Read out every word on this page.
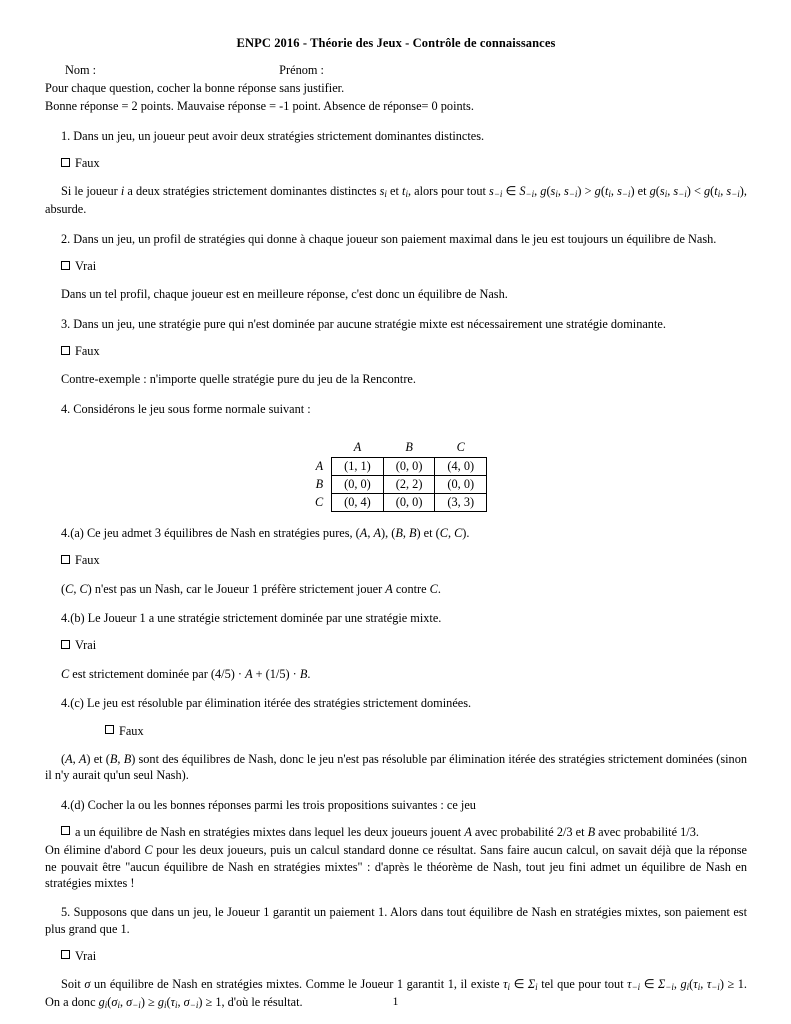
ENPC 2016 - Théorie des Jeux - Contrôle de connaissances
Nom :	Prénom :

Pour chaque question, cocher la bonne réponse sans justifier.

Bonne réponse = 2 points. Mauvaise réponse = -1 point. Absence de réponse= 0 points.

1. Dans un jeu, un joueur peut avoir deux stratégies strictement dominantes distinctes.

Faux

Si le joueur i a deux stratégies strictement dominantes distinctes si et ti, alors pour tout s−i ∈ S−i, g(si, s−i) > g(ti, s−i) et g(si, s−i) < g(ti, s−i), absurde.

2. Dans un jeu, un profil de stratégies qui donne à chaque joueur son paiement maximal dans le jeu est toujours un équilibre de Nash.

Vrai

Dans un tel profil, chaque joueur est en meilleure réponse, c'est donc un équilibre de Nash.

3. Dans un jeu, une stratégie pure qui n'est dominée par aucune stratégie mixte est nécessairement une stratégie dominante.

Faux

Contre-exemple : n'importe quelle stratégie pure du jeu de la Rencontre.

4. Considérons le jeu sous forme normale suivant :

	A	B	C
A	(1, 1)	(0, 0)	(4, 0)
B	(0, 0)	(2, 2)	(0, 0)
C	(0, 4)	(0, 0)	(3, 3)

4.(a) Ce jeu admet 3 équilibres de Nash en stratégies pures, (A, A), (B, B) et (C, C).

Faux

(C, C) n'est pas un Nash, car le Joueur 1 préfère strictement jouer A contre C.

4.(b) Le Joueur 1 a une stratégie strictement dominée par une stratégie mixte.

Vrai

C est strictement dominée par (4/5) · A + (1/5) · B.

4.(c) Le jeu est résoluble par élimination itérée des stratégies strictement dominées.

Faux

(A, A) et (B, B) sont des équilibres de Nash, donc le jeu n'est pas résoluble par élimination itérée des stratégies strictement dominées (sinon il n'y aurait qu'un seul Nash).

4.(d) Cocher la ou les bonnes réponses parmi les trois propositions suivantes : ce jeu

a un équilibre de Nash en stratégies mixtes dans lequel les deux joueurs jouent A avec probabilité 2/3 et B avec probabilité 1/3.

On élimine d'abord C pour les deux joueurs, puis un calcul standard donne ce résultat. Sans faire aucun calcul, on savait déjà que la réponse ne pouvait être "aucun équilibre de Nash en stratégies mixtes" : d'après le théorème de Nash, tout jeu fini admet un équilibre de Nash en stratégies mixtes !

5. Supposons que dans un jeu, le Joueur 1 garantit un paiement 1. Alors dans tout équilibre de Nash en stratégies mixtes, son paiement est plus grand que 1.

Vrai

Soit σ un équilibre de Nash en stratégies mixtes. Comme le Joueur 1 garantit 1, il existe τi ∈ Σi tel que pour tout τ−i ∈ Σ−i, gi(τi, τ−i) ≥ 1. On a donc gi(σi, σ−i) ≥ gi(τi, σ−i) ≥ 1, d'où le résultat.	1
